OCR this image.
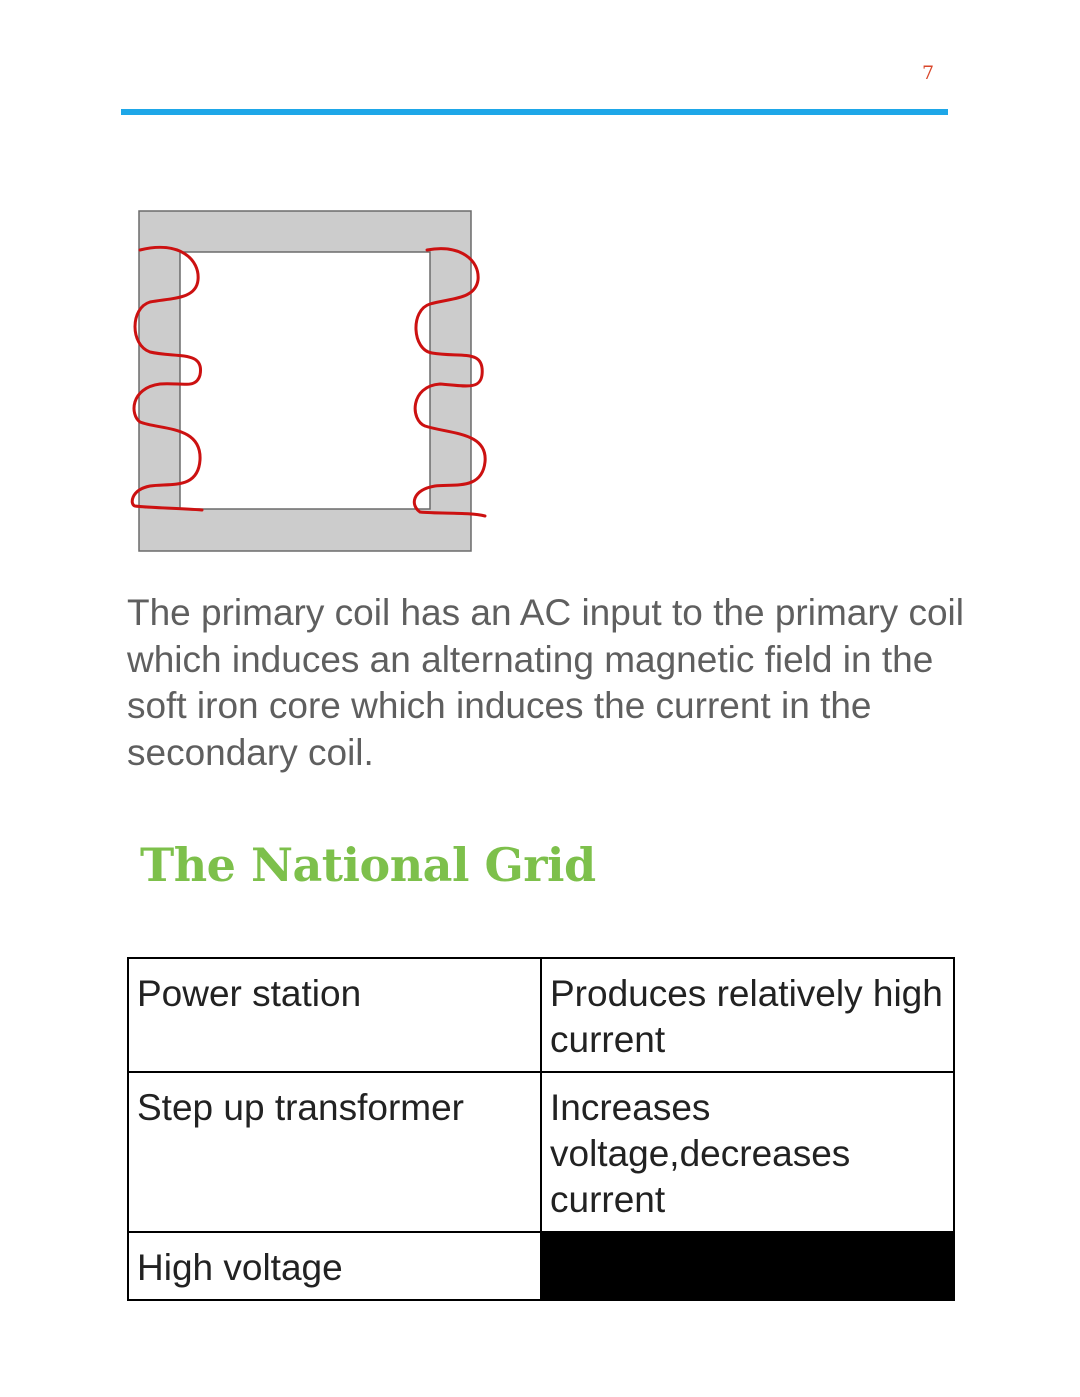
7

The primary coil has an AC input to the primary coil which induces an alternating magnetic field in the soft iron core which induces the current in the secondary coil.

The National Grid
Power station	Produces relatively high current
Step up transformer	Increases voltage,decreases current
High voltage	
